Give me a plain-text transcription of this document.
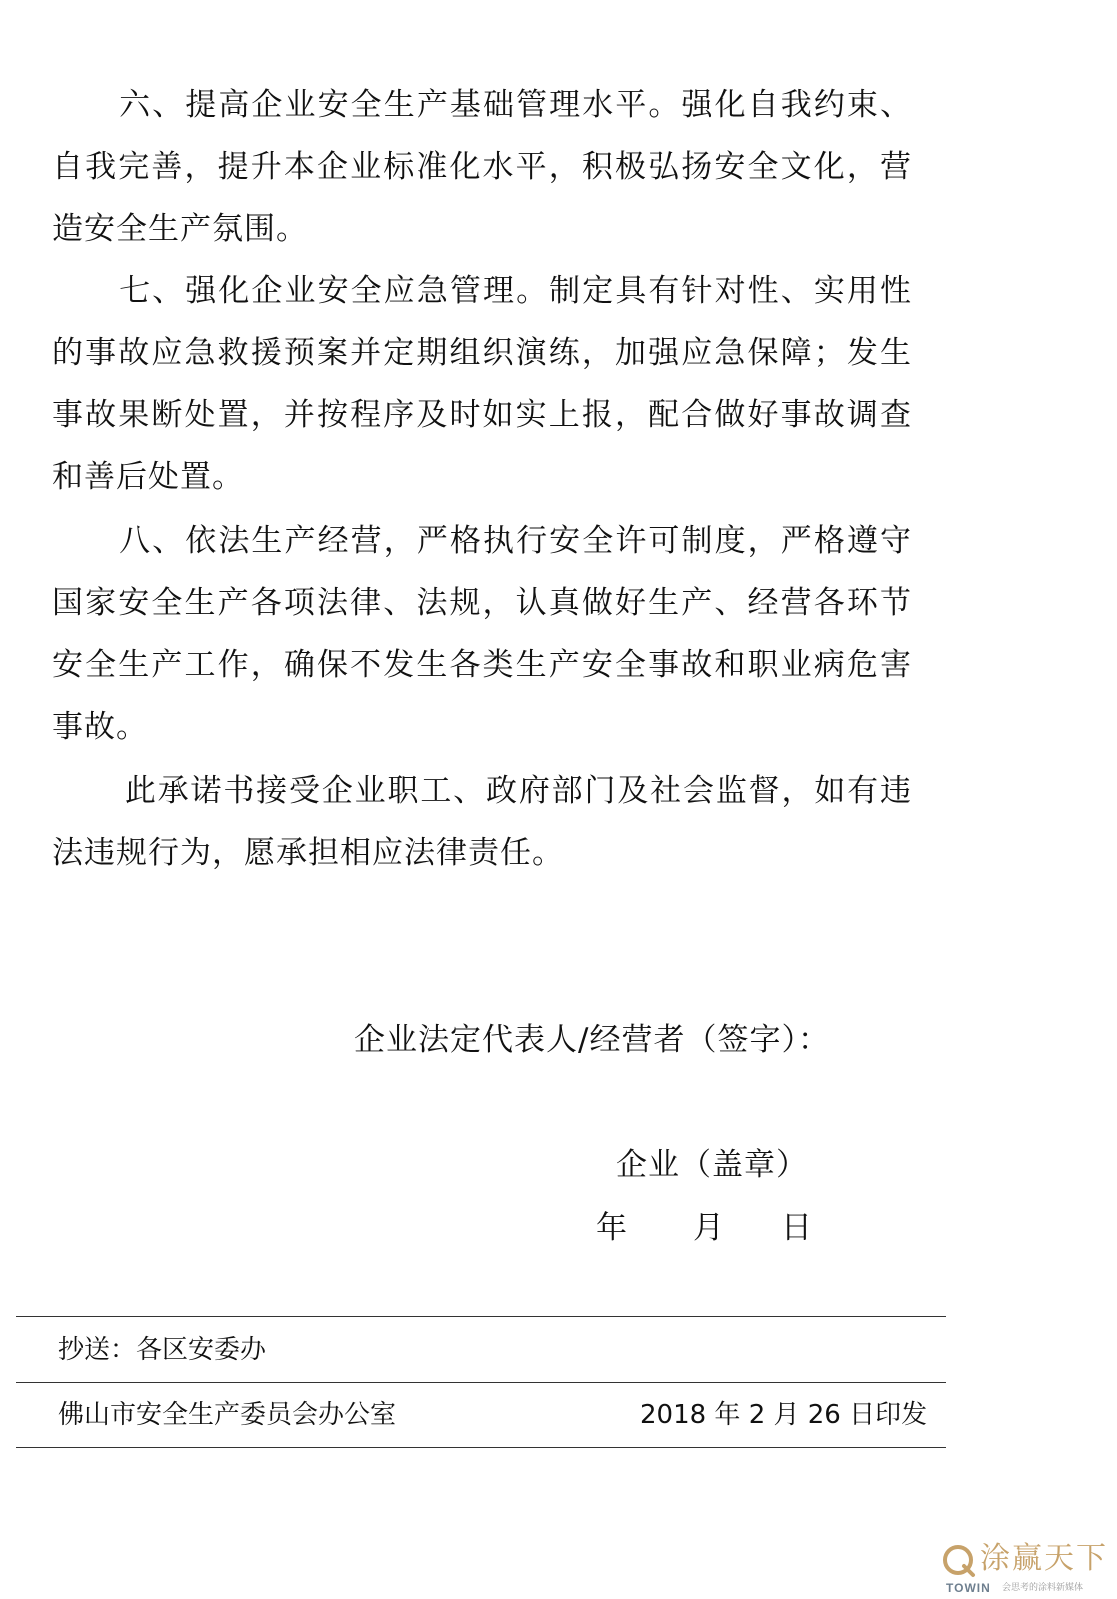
六、提高企业安全生产基础管理水平。强化自我约束、自我完善，提升本企业标准化水平，积极弘扬安全文化，营造安全生产氛围。

七、强化企业安全应急管理。制定具有针对性、实用性的事故应急救援预案并定期组织演练，加强应急保障；发生事故果断处置，并按程序及时如实上报，配合做好事故调查和善后处置。

八、依法生产经营，严格执行安全许可制度，严格遵守国家安全生产各项法律、法规，认真做好生产、经营各环节安全生产工作，确保不发生各类生产安全事故和职业病危害事故。

此承诺书接受企业职工、政府部门及社会监督，如有违法违规行为，愿承担相应法律责任。

企业法定代表人/经营者（签字）：
企业（盖章）
年 月 日
抄送：各区安委办
佛山市安全生产委员会办公室	2018 年 2 月 26 日印发
涂赢天下
TOWIN 会思考的涂料新媒体
